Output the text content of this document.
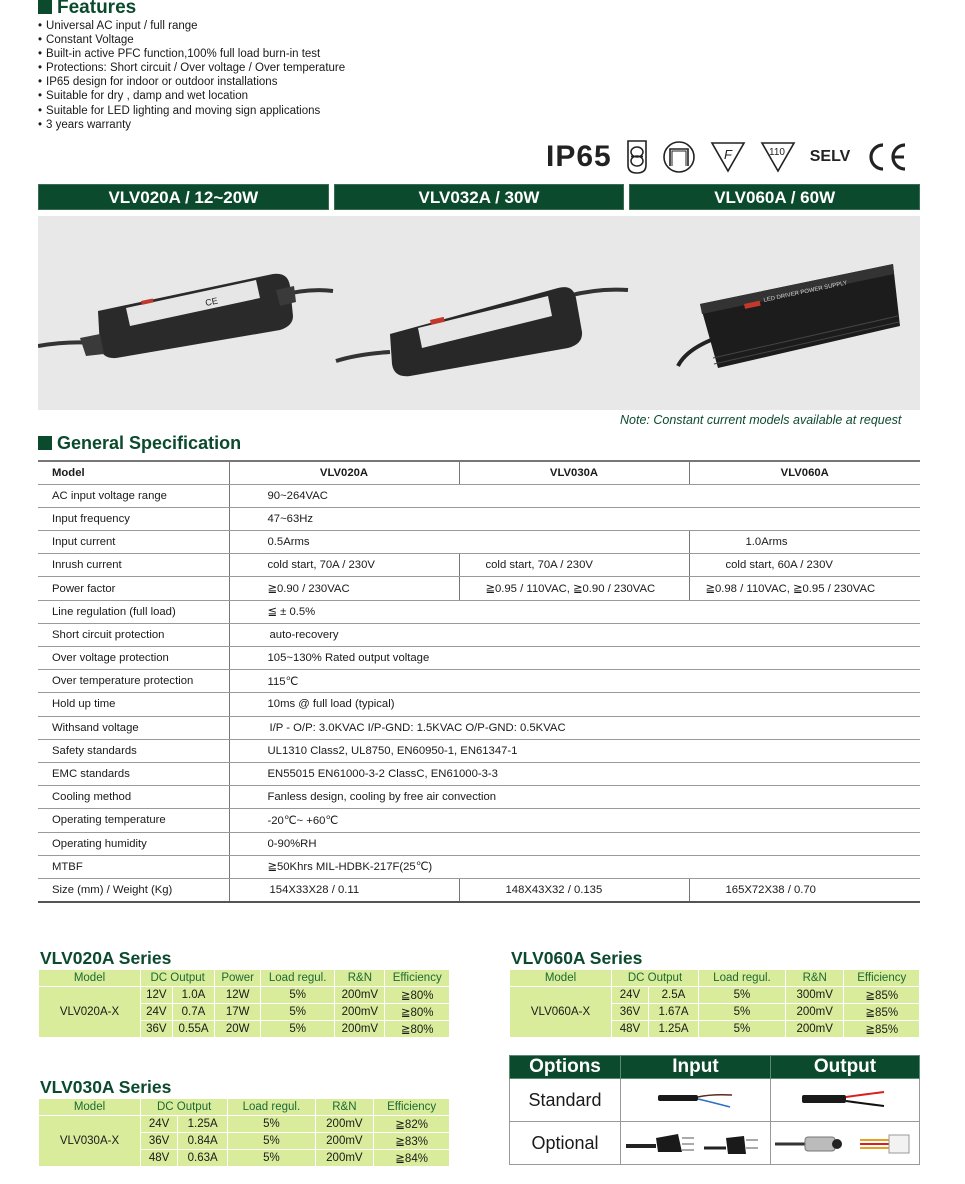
Features
• Universal AC input / full range
• Constant Voltage
• Built-in active PFC function,100% full load burn-in test
• Protections: Short circuit / Over voltage / Over temperature
• IP65 design for indoor or outdoor installations
• Suitable for dry , damp and wet location
• Suitable for LED lighting and moving sign applications
• 3 years warranty
IP65	F	110 SELV
VLV020A / 12~20W	VLV032A / 30W	VLV060A / 60W
CE	LED DRIVER POWER SUPPLY
Note: Constant current models available at request
General Specification
Model	VLV020A	VLV030A	VLV060A
AC input voltage range	90~264VAC		
Input frequency	47~63Hz		
Input current	0.5Arms		1.0Arms
Inrush current	cold start, 70A / 230V	cold start, 70A / 230V	cold start, 60A / 230V
Power factor	≧0.90 / 230VAC	≧0.95 / 110VAC, ≧0.90 / 230VAC	≧0.98 / 110VAC, ≧0.95 / 230VAC
Line regulation (full load)	≦ ± 0.5%		
Short circuit protection	auto-recovery		
Over voltage protection	105~130% Rated output voltage		
Over temperature protection	115℃		
Hold up time	10ms @ full load (typical)		
Withsand voltage	I/P - O/P: 3.0KVAC I/P-GND: 1.5KVAC O/P-GND: 0.5KVAC		
Safety standards	UL1310 Class2, UL8750, EN60950-1, EN61347-1		
EMC standards	EN55015 EN61000-3-2 ClassC, EN61000-3-3		
Cooling method	Fanless design, cooling by free air convection		
Operating temperature	-20℃~ +60℃		
Operating humidity	0-90%RH		
MTBF	≧50Khrs MIL-HDBK-217F(25℃)		
Size (mm) / Weight (Kg)	154X33X28 / 0.11	148X43X32 / 0.135	165X72X38 / 0.70
VLV020A Series
Model	DC Output		Power	Load regul.	R&N	Efficiency
VLV020A-X	12V	1.0A	12W	5%	200mV	≧80%
	24V	0.7A	17W	5%	200mV	≧80%
	36V	0.55A	20W	5%	200mV	≧80%
VLV060A Series
Model	DC Output		Load regul.	R&N	Efficiency
VLV060A-X	24V	2.5A	5%	300mV	≧85%
	36V	1.67A	5%	200mV	≧85%
	48V	1.25A	5%	200mV	≧85%
VLV030A Series
Model	DC Output		Load regul.	R&N	Efficiency
VLV030A-X	24V	1.25A	5%	200mV	≧82%
	36V	0.84A	5%	200mV	≧83%
	48V	0.63A	5%	200mV	≧84%
Options	Input	Output
Standard		
Optional		
